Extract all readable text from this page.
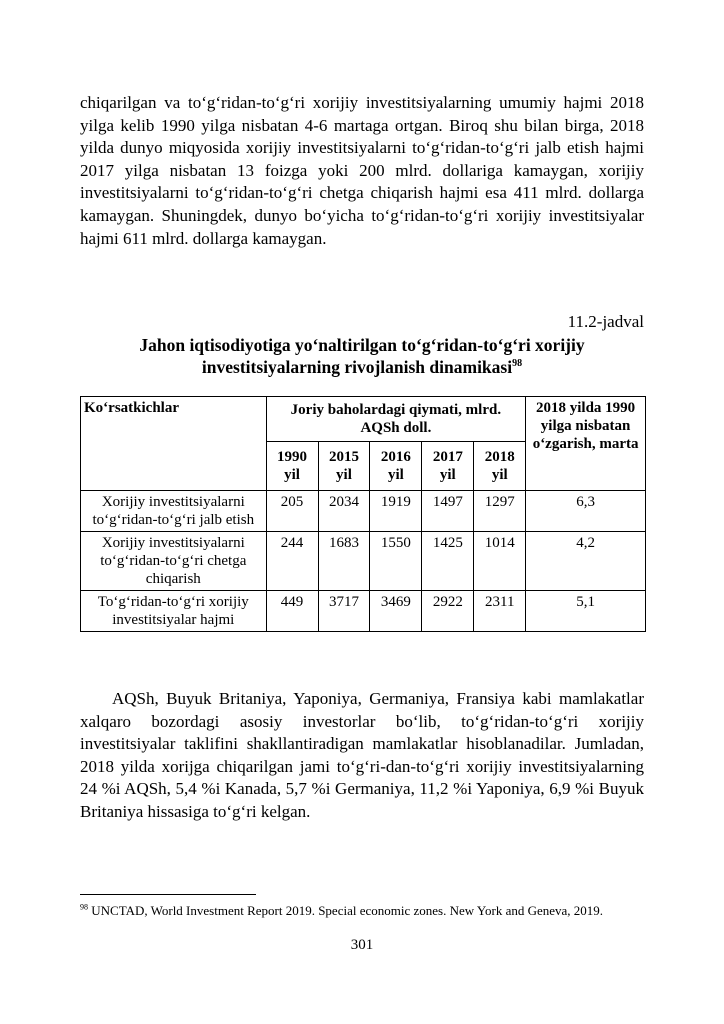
chiqarilgan va to‘g‘ridan-to‘g‘ri xorijiy investitsiyalarning umumiy hajmi 2018 yilga kelib 1990 yilga nisbatan 4-6 martaga ortgan. Biroq shu bilan birga, 2018 yilda dunyo miqyosida xorijiy investitsiyalarni to‘g‘ridan-to‘g‘ri jalb etish hajmi 2017 yilga nisbatan 13 foizga yoki 200 mlrd. dollariga kamaygan, xorijiy investitsiyalarni to‘g‘ridan-to‘g‘ri chetga chiqarish hajmi esa 411 mlrd. dollarga kamaygan. Shuningdek, dunyo bo‘yicha to‘g‘ridan-to‘g‘ri xorijiy investitsiyalar hajmi 611 mlrd. dollarga kamaygan.

11.2-jadval

Jahon iqtisodiyotiga yo‘naltirilgan to‘g‘ridan-to‘g‘ri xorijiy investitsiyalarning rivojlanish dinamikasi$^{98}$

Ko‘rsatkichlar	Joriy baholardagi qiymati, mlrd. AQSh doll.					2018 yilda 1990 yilga nisbatan o‘zgarish, marta
	1990 yil	2015 yil	2016 yil	2017 yil	2018 yil	
Xorijiy investitsiyalarni to‘g‘ridan-to‘g‘ri jalb etish	205	2034	1919	1497	1297	6,3
Xorijiy investitsiyalarni to‘g‘ridan-to‘g‘ri chetga chiqarish	244	1683	1550	1425	1014	4,2
To‘g‘ridan-to‘g‘ri xorijiy investitsiyalar hajmi	449	3717	3469	2922	2311	5,1

AQSh, Buyuk Britaniya, Yaponiya, Germaniya, Fransiya kabi mamlakatlar xalqaro bozordagi asosiy investorlar bo‘lib, to‘g‘ridan-to‘g‘ri xorijiy investitsiyalar taklifini shakllantiradigan mamlakatlar hisoblanadilar. Jumladan, 2018 yilda xorijga chiqarilgan jami to‘g‘ri-dan-to‘g‘ri xorijiy investitsiyalarning 24 %i AQSh, 5,4 %i Kanada, 5,7 %i Germaniya, 11,2 %i Yaponiya, 6,9 %i Buyuk Britaniya hissasiga to‘g‘ri kelgan.

$^{98}$ UNCTAD, World Investment Report 2019. Special economic zones. New York and Geneva, 2019.

301
